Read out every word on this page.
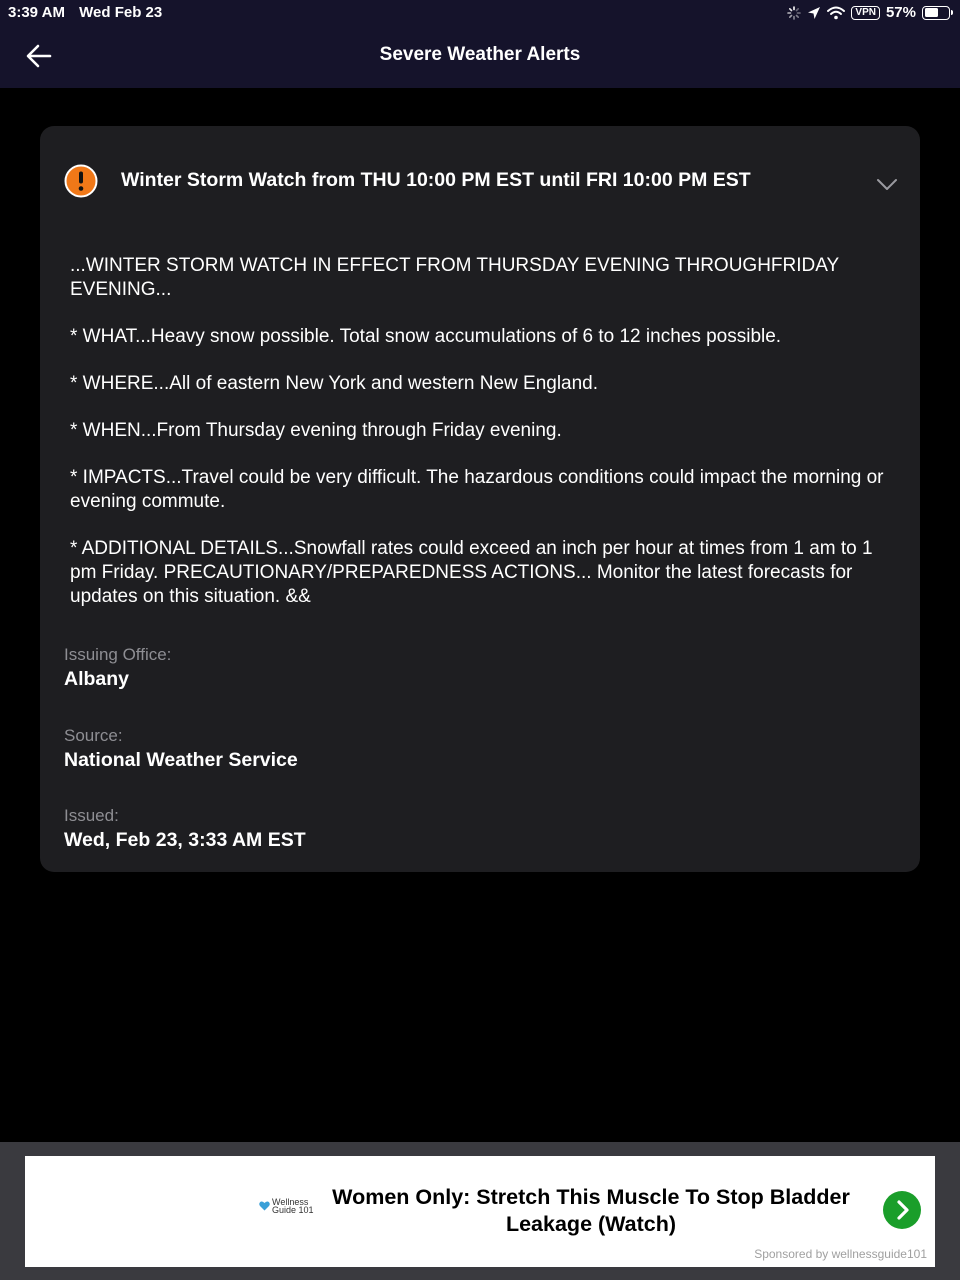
3:39 AM Wed Feb 23	VPN 57%
Severe Weather Alerts
Winter Storm Watch from THU 10:00 PM EST until FRI 10:00 PM EST

...WINTER STORM WATCH IN EFFECT FROM THURSDAY EVENING THROUGHFRIDAY EVENING...

* WHAT...Heavy snow possible. Total snow accumulations of 6 to 12 inches possible.

* WHERE...All of eastern New York and western New England.

* WHEN...From Thursday evening through Friday evening.

* IMPACTS...Travel could be very difficult. The hazardous conditions could impact the morning or evening commute.

* ADDITIONAL DETAILS...Snowfall rates could exceed an inch per hour at times from 1 am to 1 pm Friday. PRECAUTIONARY/PREPAREDNESS ACTIONS... Monitor the latest forecasts for updates on this situation. &&

Issuing Office:
Albany
Source:
National Weather Service
Issued:
Wed, Feb 23, 3:33 AM EST
Wellness
Guide 101
Women Only: Stretch This Muscle To Stop Bladder Leakage (Watch)
Sponsored by wellnessguide101
